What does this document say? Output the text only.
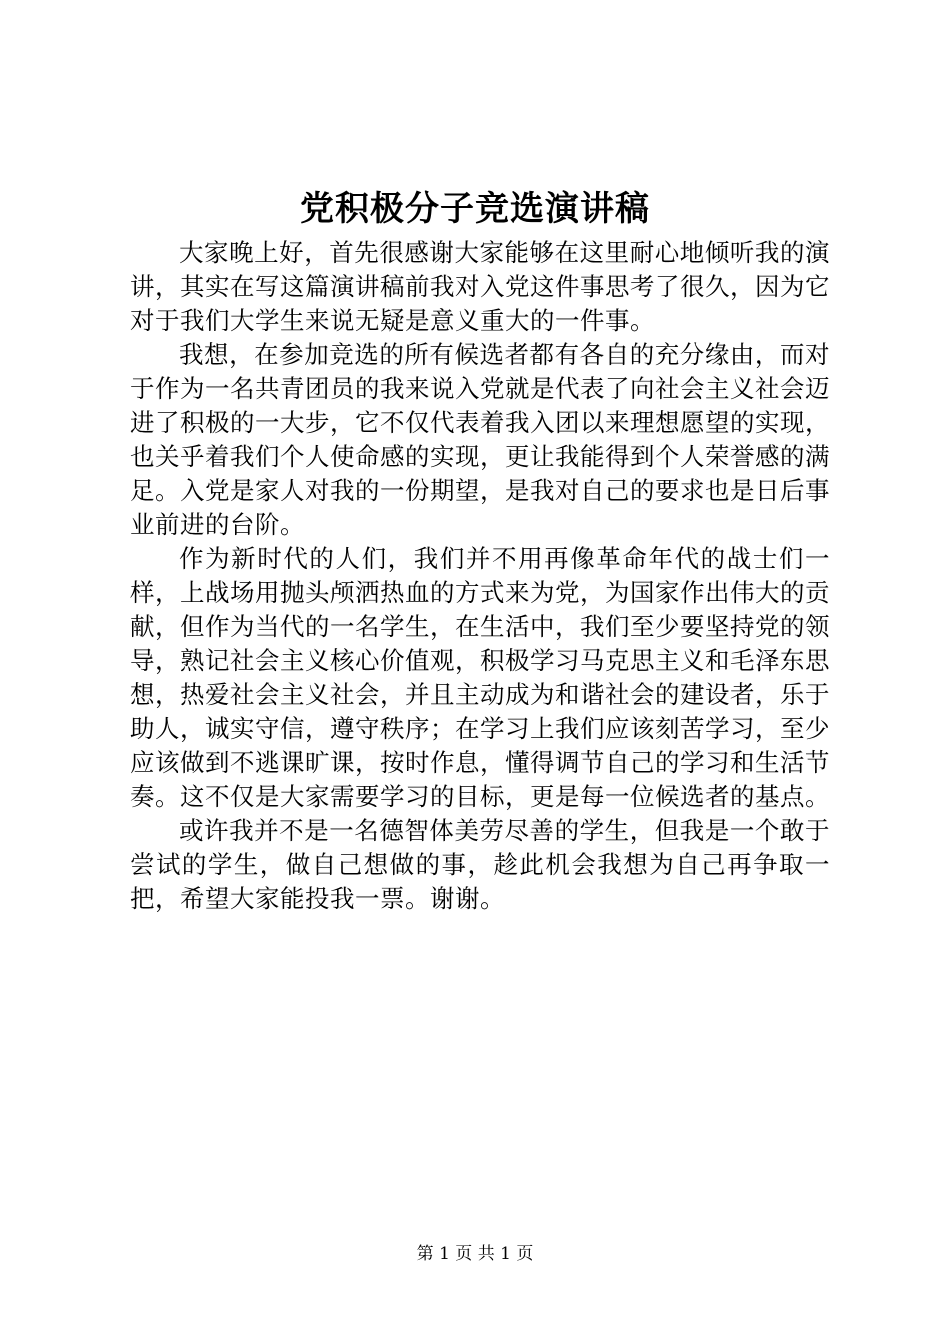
党积极分子竞选演讲稿

大家晚上好，首先很感谢大家能够在这里耐心地倾听我的演讲，其实在写这篇演讲稿前我对入党这件事思考了很久，因为它对于我们大学生来说无疑是意义重大的一件事。

我想，在参加竞选的所有候选者都有各自的充分缘由，而对于作为一名共青团员的我来说入党就是代表了向社会主义社会迈进了积极的一大步，它不仅代表着我入团以来理想愿望的实现，也关乎着我们个人使命感的实现，更让我能得到个人荣誉感的满足。入党是家人对我的一份期望，是我对自己的要求也是日后事业前进的台阶。

作为新时代的人们，我们并不用再像革命年代的战士们一样，上战场用抛头颅洒热血的方式来为党，为国家作出伟大的贡献，但作为当代的一名学生，在生活中，我们至少要坚持党的领导，熟记社会主义核心价值观，积极学习马克思主义和毛泽东思想，热爱社会主义社会，并且主动成为和谐社会的建设者，乐于助人，诚实守信，遵守秩序；在学习上我们应该刻苦学习，至少应该做到不逃课旷课，按时作息，懂得调节自己的学习和生活节奏。这不仅是大家需要学习的目标，更是每一位候选者的基点。

或许我并不是一名德智体美劳尽善的学生，但我是一个敢于尝试的学生，做自己想做的事，趁此机会我想为自己再争取一把，希望大家能投我一票。谢谢。

第 1 页 共 1 页
